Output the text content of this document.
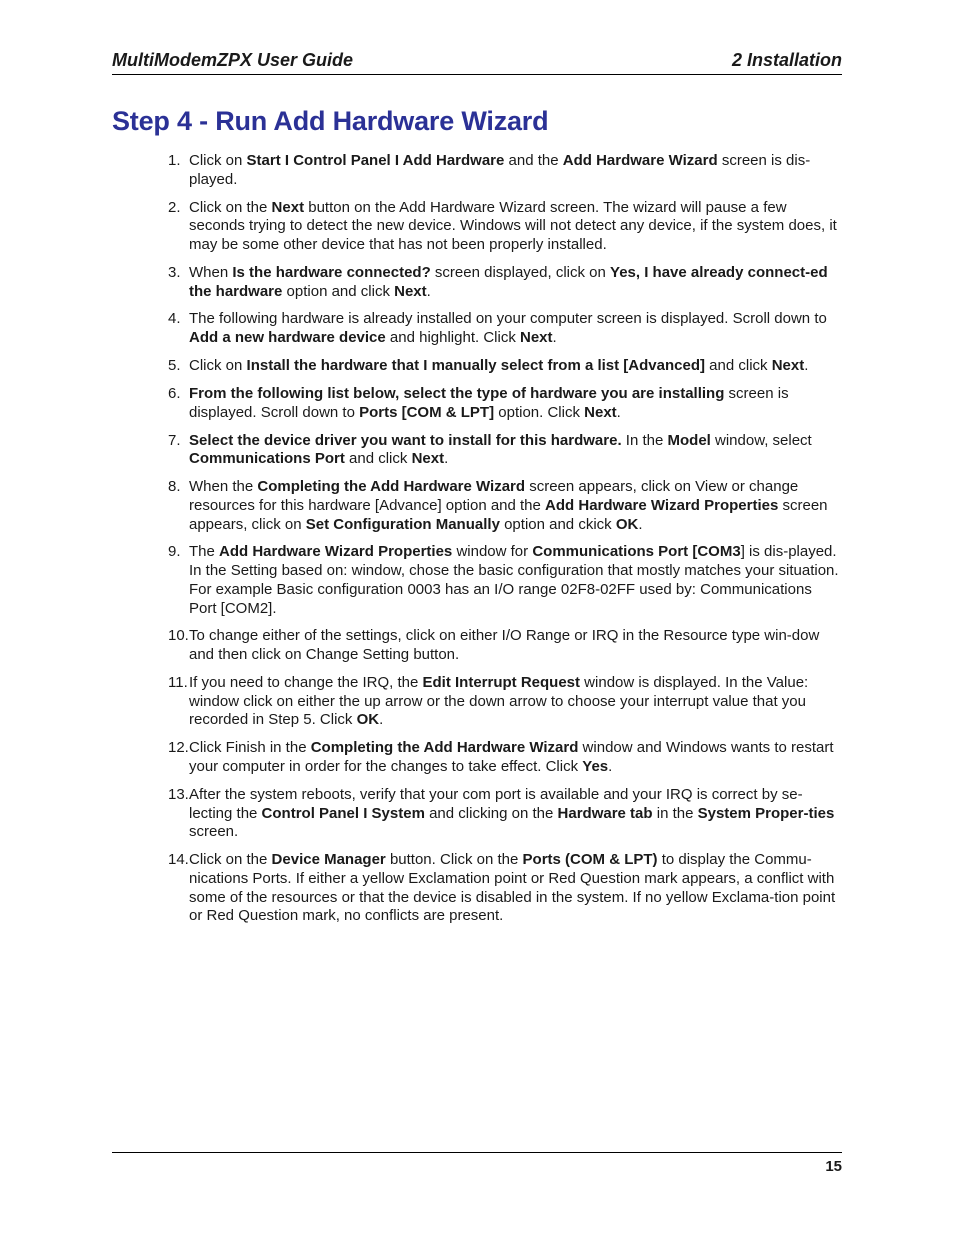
MultiModemZPX User Guide	2 Installation
Step 4 - Run Add Hardware Wizard
1. Click on Start I Control Panel I Add Hardware and the Add Hardware Wizard screen is dis-played.
2. Click on the Next button on the Add Hardware Wizard screen. The wizard will pause a few seconds trying to detect the new device. Windows will not detect any device, if the system does, it may be some other device that has not been properly installed.
3. When Is the hardware connected? screen displayed, click on Yes, I have already connect-ed the hardware option and click Next.
4. The following hardware is already installed on your computer screen is displayed. Scroll down to Add a new hardware device and highlight. Click Next.
5. Click on Install the hardware that I manually select from a list [Advanced] and click Next.
6. From the following list below, select the type of hardware you are installing screen is displayed. Scroll down to Ports [COM & LPT] option. Click Next.
7. Select the device driver you want to install for this hardware. In the Model window, select Communications Port and click Next.
8. When the Completing the Add Hardware Wizard screen appears, click on View or change resources for this hardware [Advance] option and the Add Hardware Wizard Properties screen appears, click on Set Configuration Manually option and ckick OK.
9. The Add Hardware Wizard Properties window for Communications Port [COM3] is dis-played. In the Setting based on: window, chose the basic configuration that mostly matches your situation. For example Basic configuration 0003 has an I/O range 02F8-02FF used by: Communications Port [COM2].
10. To change either of the settings, click on either I/O Range or IRQ in the Resource type win-dow and then click on Change Setting button.
11. If you need to change the IRQ, the Edit Interrupt Request window is displayed. In the Value: window click on either the up arrow or the down arrow to choose your interrupt value that you recorded in Step 5. Click OK.
12. Click Finish in the Completing the Add Hardware Wizard window and Windows wants to restart your computer in order for the changes to take effect. Click Yes.
13. After the system reboots, verify that your com port is available and your IRQ is correct by se-lecting the Control Panel I System and clicking on the Hardware tab in the System Proper-ties screen.
14. Click on the Device Manager button. Click on the Ports (COM & LPT) to display the Commu-nications Ports. If either a yellow Exclamation point or Red Question mark appears, a conflict with some of the resources or that the device is disabled in the system. If no yellow Exclama-tion point or Red Question mark, no conflicts are present.
15
